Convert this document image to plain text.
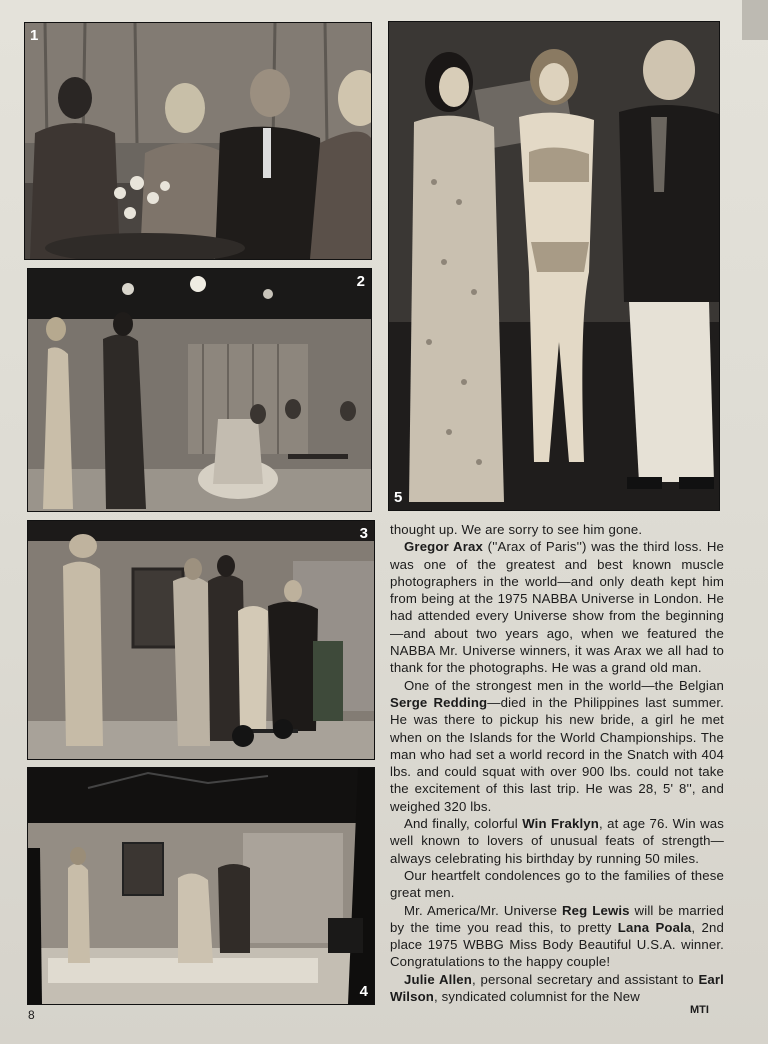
1
2
3
4
5

thought up. We are sorry to see him gone.

Gregor Arax (''Arax of Paris'') was the third loss. He was one of the greatest and best known muscle photographers in the world—and only death kept him from being at the 1975 NABBA Universe in London. He had attended every Universe show from the beginning—and about two years ago, when we featured the NABBA Mr. Universe winners, it was Arax we all had to thank for the photographs. He was a grand old man.

One of the strongest men in the world—the Belgian Serge Redding—died in the Philippines last summer. He was there to pickup his new bride, a girl he met when on the Islands for the World Championships. The man who had set a world record in the Snatch with 404 lbs. and could squat with over 900 lbs. could not take the excitement of this last trip. He was 28, 5' 8'', and weighed 320 lbs.

And finally, colorful Win Fraklyn, at age 76. Win was well known to lovers of unusual feats of strength—always celebrating his birthday by running 50 miles.

Our heartfelt condolences go to the families of these great men.

Mr. America/Mr. Universe Reg Lewis will be married by the time you read this, to pretty Lana Poala, 2nd place 1975 WBBG Miss Body Beautiful U.S.A. winner. Congratulations to the happy couple!

Julie Allen, personal secretary and assistant to Earl Wilson, syndicated columnist for the New

8	MTI
